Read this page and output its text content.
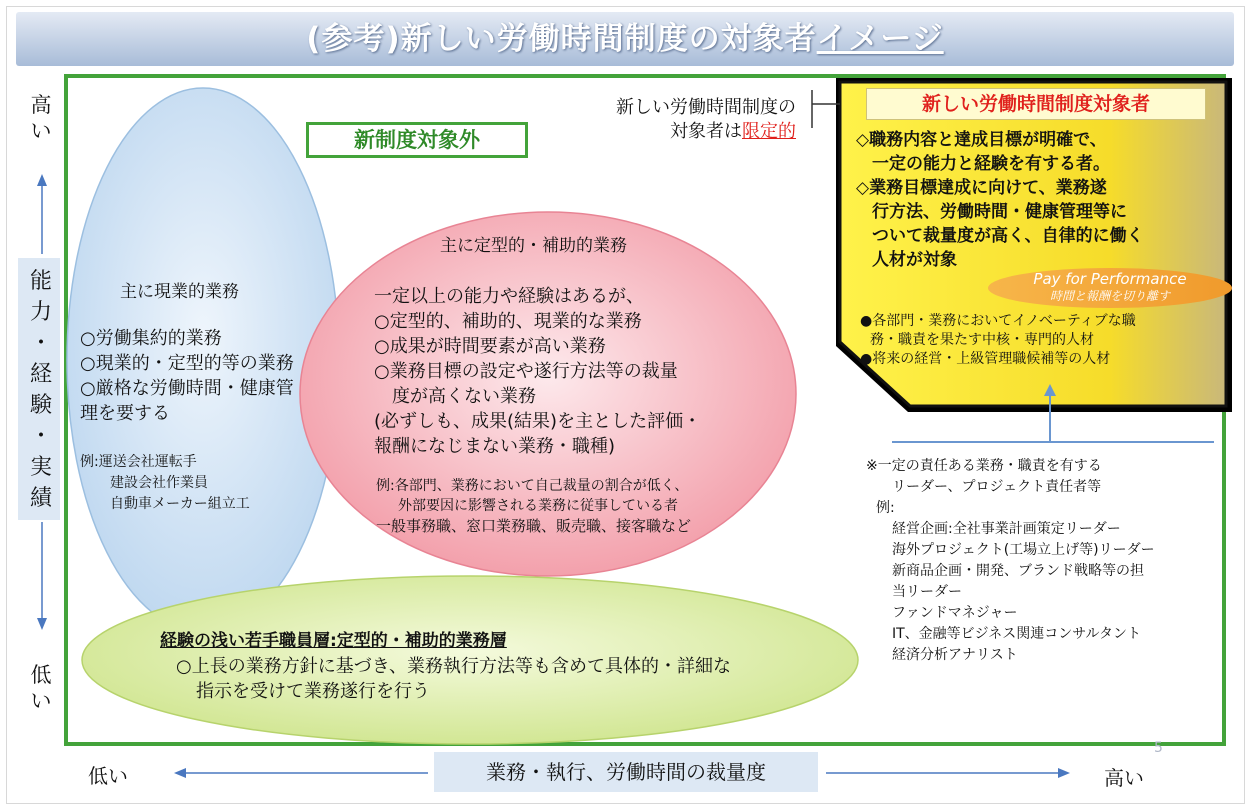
(参考)新しい労働時間制度の対象者イメージ
高
い
能
力
・
経
験
・
実
績
低
い
低い	業務・執行、労働時間の裁量度	高い
5
新制度対象外
新しい労働時間制度の
対象者は限定的
主に現業的業務
○労働集約的業務
○現業的・定型的等の業務
○厳格な労働時間・健康管
理を要する
例:運送会社運転手
建設会社作業員
自動車メーカー組立工
主に定型的・補助的業務
一定以上の能力や経験はあるが、
○定型的、補助的、現業的な業務
○成果が時間要素が高い業務
○業務目標の設定や遂行方法等の裁量
度が高くない業務
(必ずしも、成果(結果)を主とした評価・
報酬になじまない業務・職種)
例:各部門、業務において自己裁量の割合が低く、
外部要因に影響される業務に従事している者
一般事務職、窓口業務職、販売職、接客職など
経験の浅い若手職員層:定型的・補助的業務層
○上長の業務方針に基づき、業務執行方法等も含めて具体的・詳細な
指示を受けて業務遂行を行う
新しい労働時間制度対象者
◇職務内容と達成目標が明確で、
一定の能力と経験を有する者。
◇業務目標達成に向けて、業務遂
行方法、労働時間・健康管理等に
ついて裁量度が高く、自律的に働く
人材が対象
Pay for Performance
時間と報酬を切り離す
●各部門・業務においてイノベーティブな職
務・職責を果たす中核・専門的人材
●将来の経営・上級管理職候補等の人材
※一定の責任ある業務・職責を有する
リーダー、プロジェクト責任者等
例:
経営企画:全社事業計画策定リーダー
海外プロジェクト(工場立上げ等)リーダー
新商品企画・開発、ブランド戦略等の担
当リーダー
ファンドマネジャー
IT、金融等ビジネス関連コンサルタント
経済分析アナリスト
